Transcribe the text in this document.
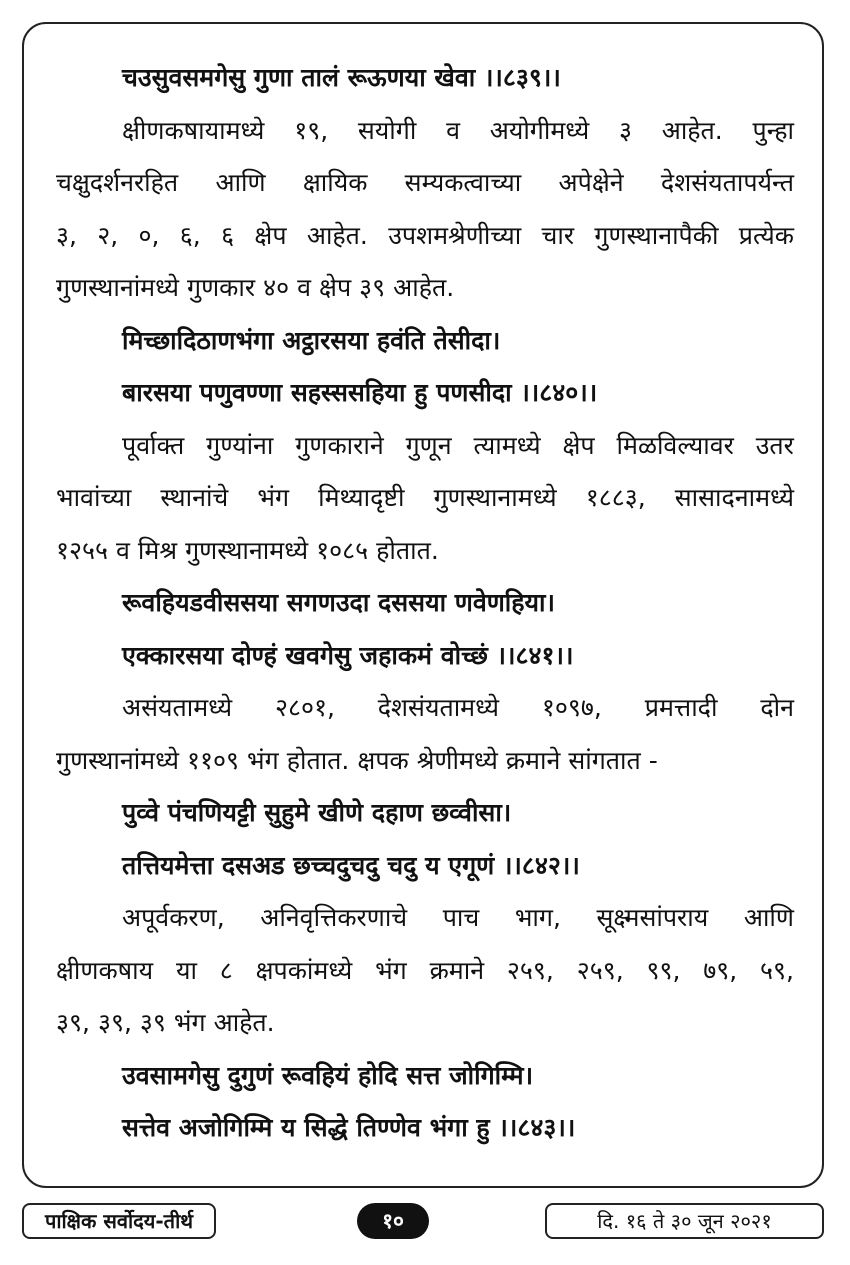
चउसुवसमगेसु गुणा तालं रूऊणया खेवा ।।८३९।।
क्षीणकषायामध्ये १९, सयोगी व अयोगीमध्ये ३ आहेत. पुन्हा
चक्षुदर्शनरहित आणि क्षायिक सम्यकत्वाच्या अपेक्षेने देशसंयतापर्यन्त
३, २, ०, ६, ६ क्षेप आहेत. उपशमश्रेणीच्या चार गुणस्थानापैकी प्रत्येक
गुणस्थानांमध्ये गुणकार ४० व क्षेप ३९ आहेत.
मिच्छादिठाणभंगा अट्ठारसया हवंति तेसीदा।
बारसया पणुवण्णा सहस्ससहिया हु पणसीदा ।।८४०।।
पूर्वाक्त गुण्यांना गुणकाराने गुणून त्यामध्ये क्षेप मिळविल्यावर उतर
भावांच्या स्थानांचे भंग मिथ्यादृष्टी गुणस्थानामध्ये १८८३, सासादनामध्ये
१२५५ व मिश्र गुणस्थानामध्ये १०८५ होतात.
रूवहियडवीससया सगणउदा दससया णवेणहिया।
एक्कारसया दोण्हं खवगेसु जहाकमं वोच्छं ।।८४१।।
असंयतामध्ये २८०१, देशसंयतामध्ये १०९७, प्रमत्तादी दोन
गुणस्थानांमध्ये ११०९ भंग होतात. क्षपक श्रेणीमध्ये क्रमाने सांगतात -
पुव्वे पंचणियट्टी सुहुमे खीणे दहाण छव्वीसा।
तत्तियमेत्ता दसअड छच्चदुचदु चदु य एगूणं ।।८४२।।
अपूर्वकरण, अनिवृत्तिकरणाचे पाच भाग, सूक्ष्मसांपराय आणि
क्षीणकषाय या ८ क्षपकांमध्ये भंग क्रमाने २५९, २५९, ९९, ७९, ५९,
३९, ३९, ३९ भंग आहेत.
उवसामगेसु दुगुणं रूवहियं होदि सत्त जोगिम्मि।
सत्तेव अजोगिम्मि य सिद्धे तिण्णेव भंगा हु ।।८४३।।
पाक्षिक सर्वोदय-तीर्थ	१०	दि. १६ ते ३० जून २०२१
